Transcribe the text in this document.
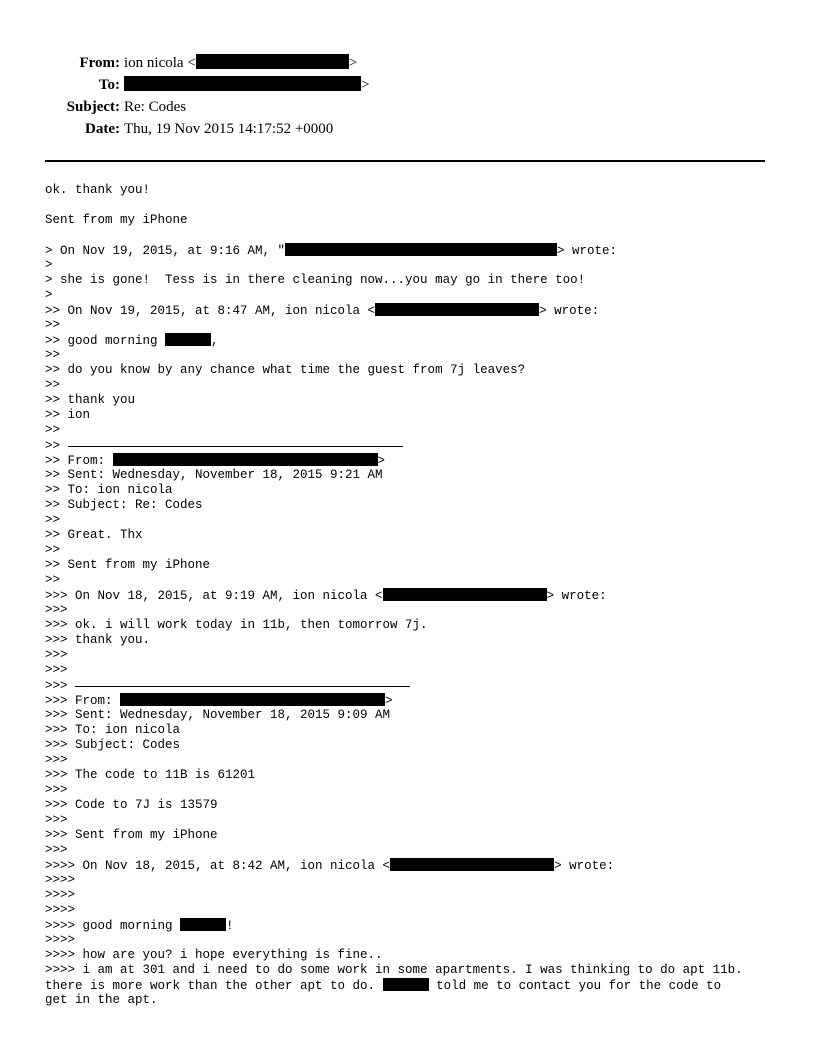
From: ion nicola <	>
To:	>
Subject: Re: Codes
Date: Thu, 19 Nov 2015 14:17:52 +0000
ok. thank you!
Sent from my iPhone
> On Nov 19, 2015, at 9:16 AM, "	> wrote:
>
> she is gone!  Tess is in there cleaning now...you may go in there too!
>
>> On Nov 19, 2015, at 8:47 AM, ion nicola <	> wrote:
>>
>> good morning	,
>>
>> do you know by any chance what time the guest from 7j leaves?
>>
>> thank you
>> ion
>>
>>
>> From:	>
>> Sent: Wednesday, November 18, 2015 9:21 AM
>> To: ion nicola
>> Subject: Re: Codes
>>
>> Great. Thx
>>
>> Sent from my iPhone
>>
>>> On Nov 18, 2015, at 9:19 AM, ion nicola <	> wrote:
>>>
>>> ok. i will work today in 11b, then tomorrow 7j.
>>> thank you.
>>>
>>>
>>>
>>> From:	>
>>> Sent: Wednesday, November 18, 2015 9:09 AM
>>> To: ion nicola
>>> Subject: Codes
>>>
>>> The code to 11B is 61201
>>>
>>> Code to 7J is 13579
>>>
>>> Sent from my iPhone
>>>
>>>> On Nov 18, 2015, at 8:42 AM, ion nicola <	> wrote:
>>>>
>>>>
>>>>
>>>> good morning	!
>>>>
>>>> how are you? i hope everything is fine..
>>>> i am at 301 and i need to do some work in some apartments. I was thinking to do apt 11b.
there is more work than the other apt to do.	told me to contact you for the code to
get in the apt.
